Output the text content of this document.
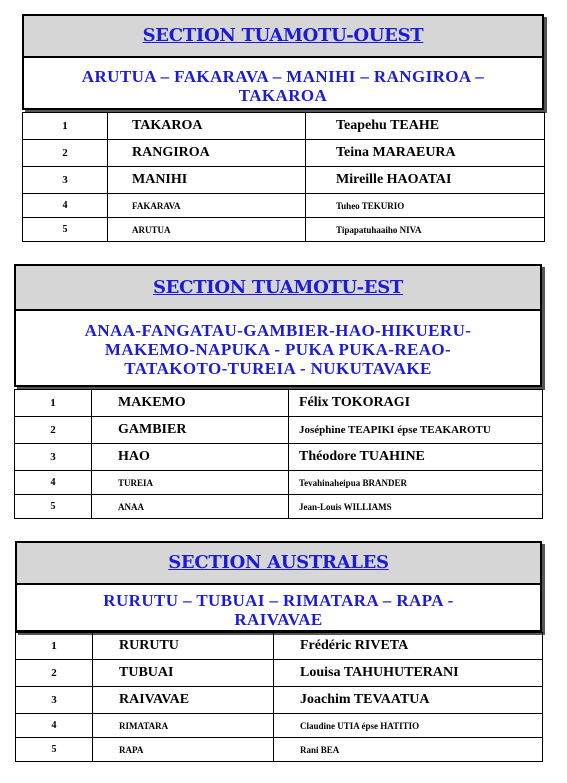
SECTION TUAMOTU-OUEST
ARUTUA – FAKARAVA – MANIHI – RANGIROA –
TAKAROA
1	TAKAROA	Teapehu TEAHE
2	RANGIROA	Teina MARAEURA
3	MANIHI	Mireille HAOATAI
4	FAKARAVA	Tuheo TEKURIO
5	ARUTUA	Tipapatuhaaiho NIVA
SECTION TUAMOTU-EST
ANAA-FANGATAU-GAMBIER-HAO-HIKUERU-
MAKEMO-NAPUKA - PUKA PUKA-REAO-
TATAKOTO-TUREIA - NUKUTAVAKE
1	MAKEMO	Félix TOKORAGI
2	GAMBIER	Joséphine TEAPIKI épse TEAKAROTU
3	HAO	Théodore TUAHINE
4	TUREIA	Tevahinaheipua BRANDER
5	ANAA	Jean-Louis WILLIAMS
SECTION AUSTRALES
RURUTU – TUBUAI – RIMATARA – RAPA -
RAIVAVAE
1	RURUTU	Frédéric RIVETA
2	TUBUAI	Louisa TAHUHUTERANI
3	RAIVAVAE	Joachim TEVAATUA
4	RIMATARA	Claudine UTIA épse HATITIO
5	RAPA	Rani BEA
